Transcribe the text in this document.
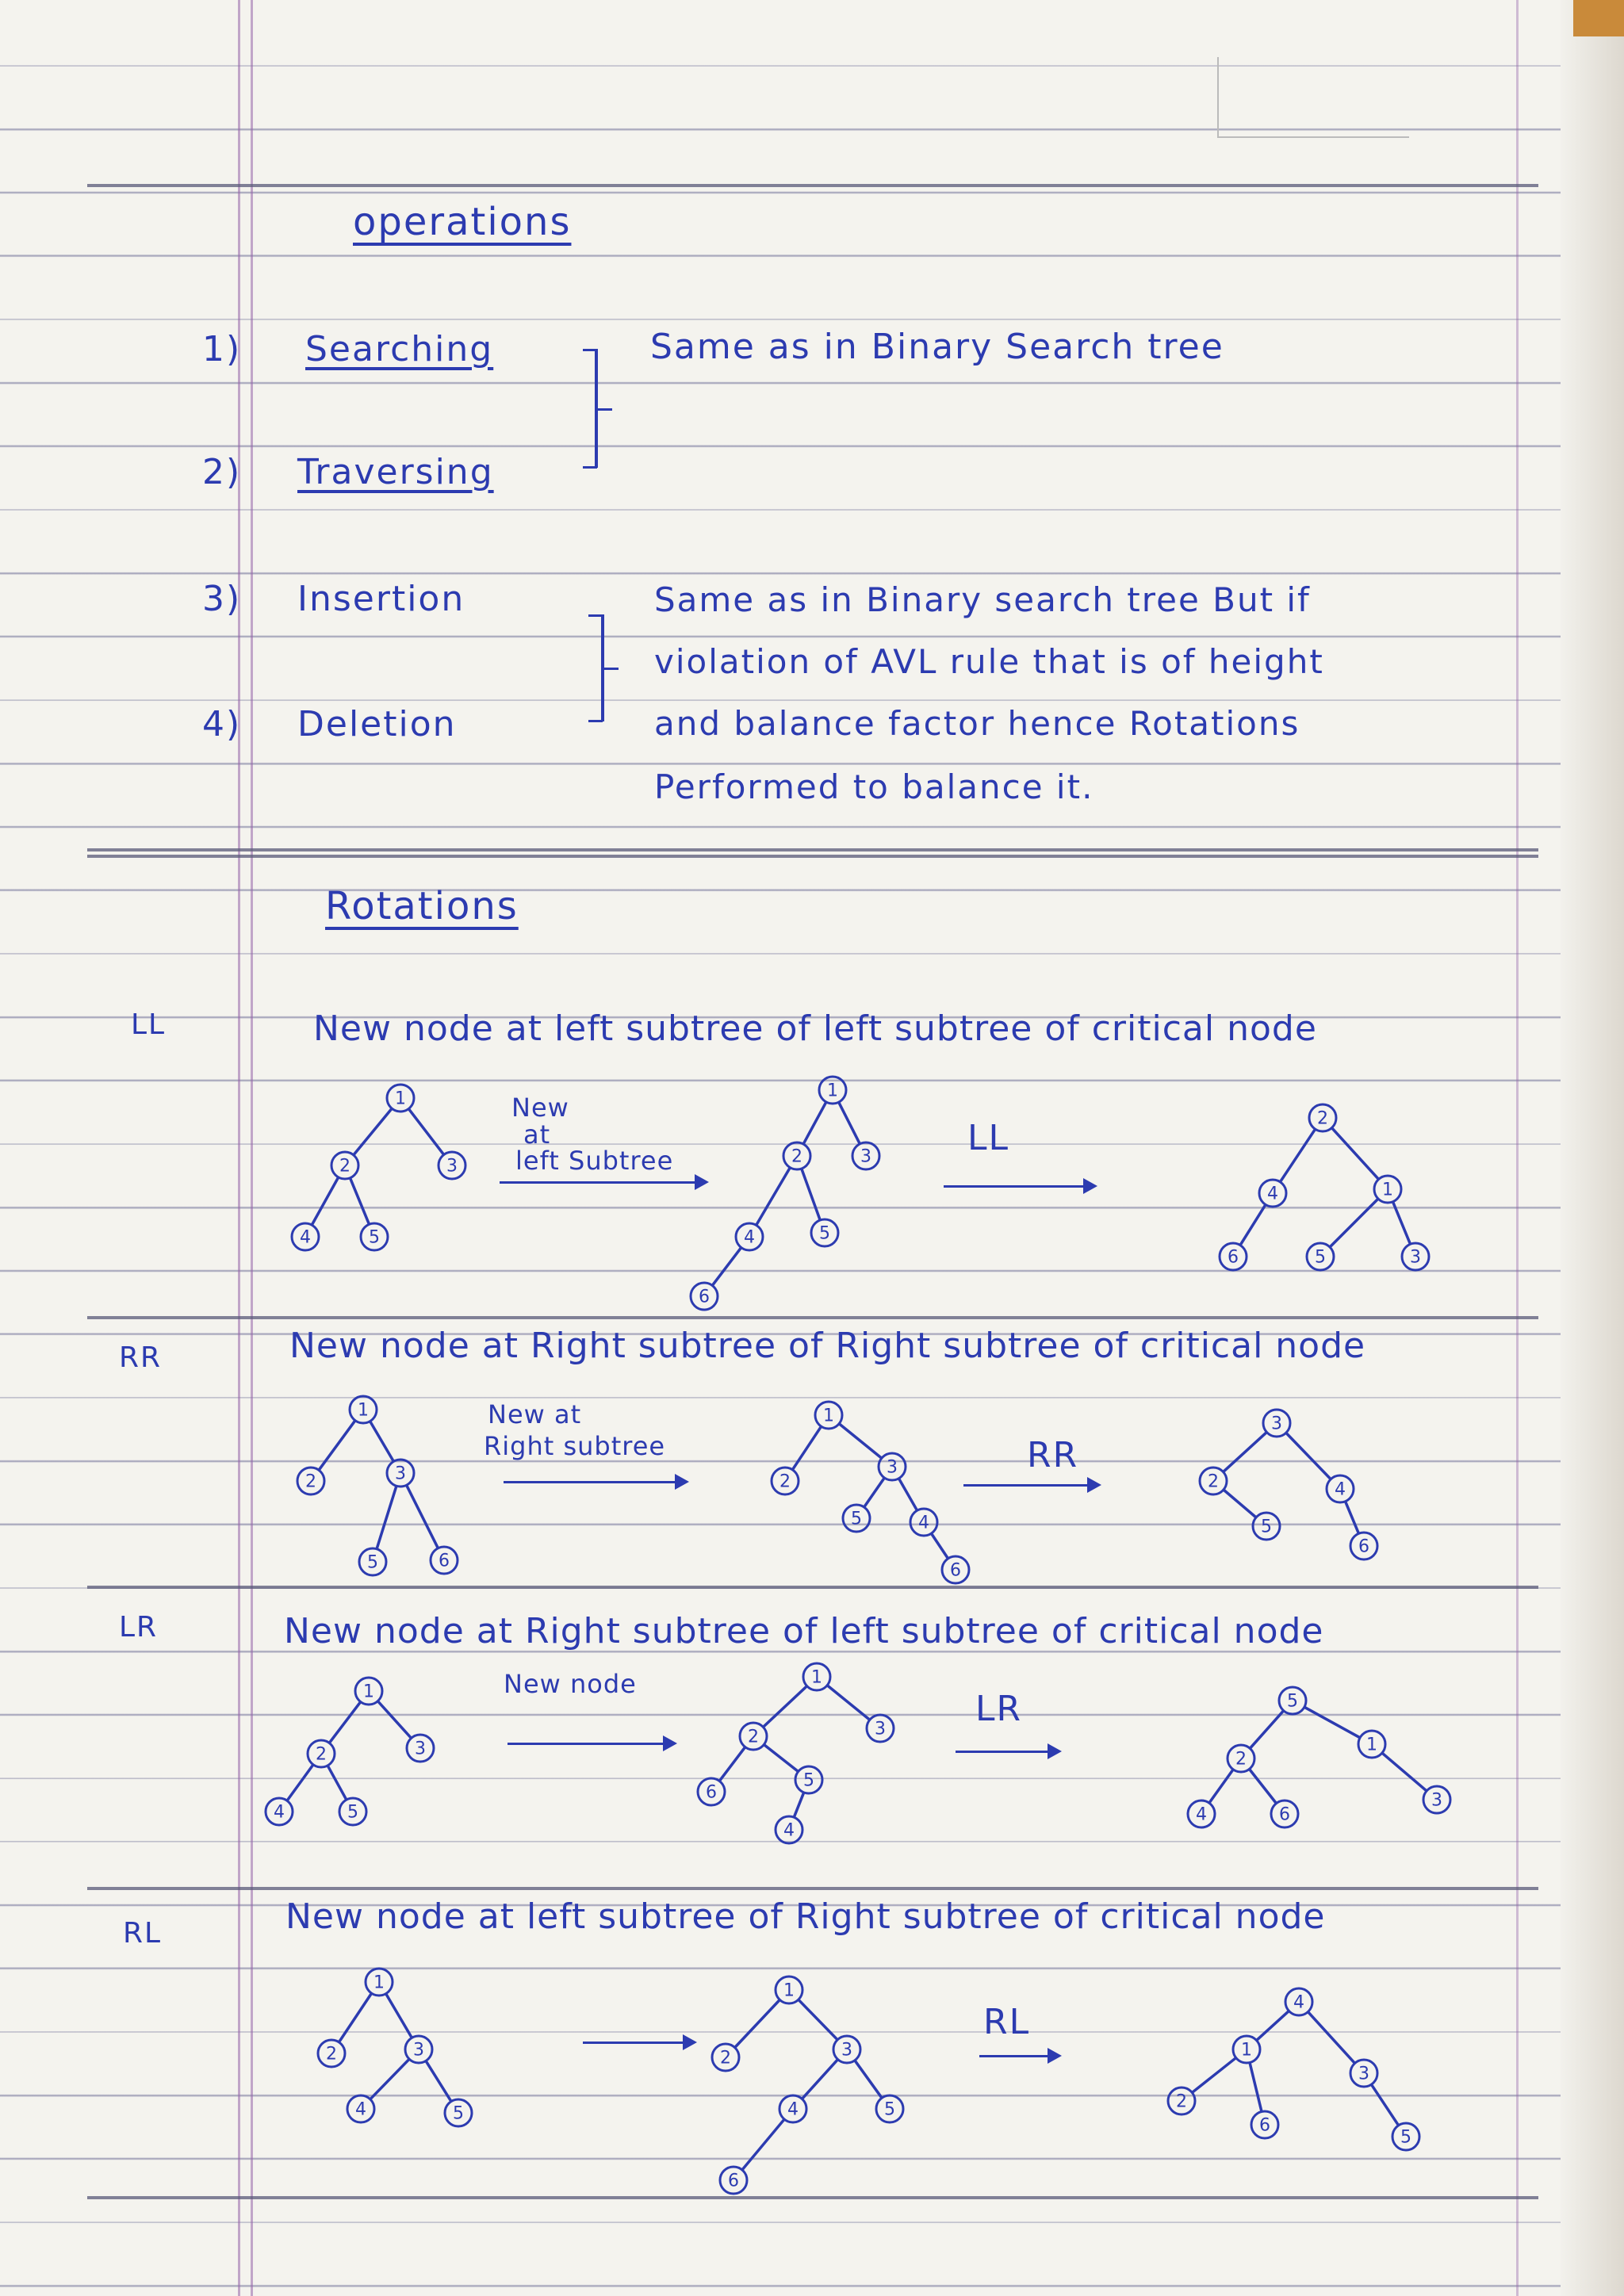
operations
1) Searching
2) Traversing
3) Insertion
4) Deletion
Same as in Binary Search tree
Same as in Binary search tree But if
violation of AVL rule that is of height
and balance factor hence Rotations
Performed to balance it.
Rotations
LL	New node at left subtree of left subtree of critical node
New
at
left Subtree
LL
RR	New node at Right subtree of Right subtree of critical node
New at
Right subtree	RR
LR	New node at Right subtree of left subtree of critical node
New node
LR
RL	New node at left subtree of Right subtree of critical node
RL
1
2	3
4	5
1
2	3
4	5
6
2
4	1
6	5	3
1
2	3
5	6
1
2
3
5	4
6
3
2	4
5
6
1
2	3
4	5
1
2	3
6
5
4
5
2
1
4	6
3
1
2	3
4	5
1
2	3
4	5
6
4
1
3
2
6
5
